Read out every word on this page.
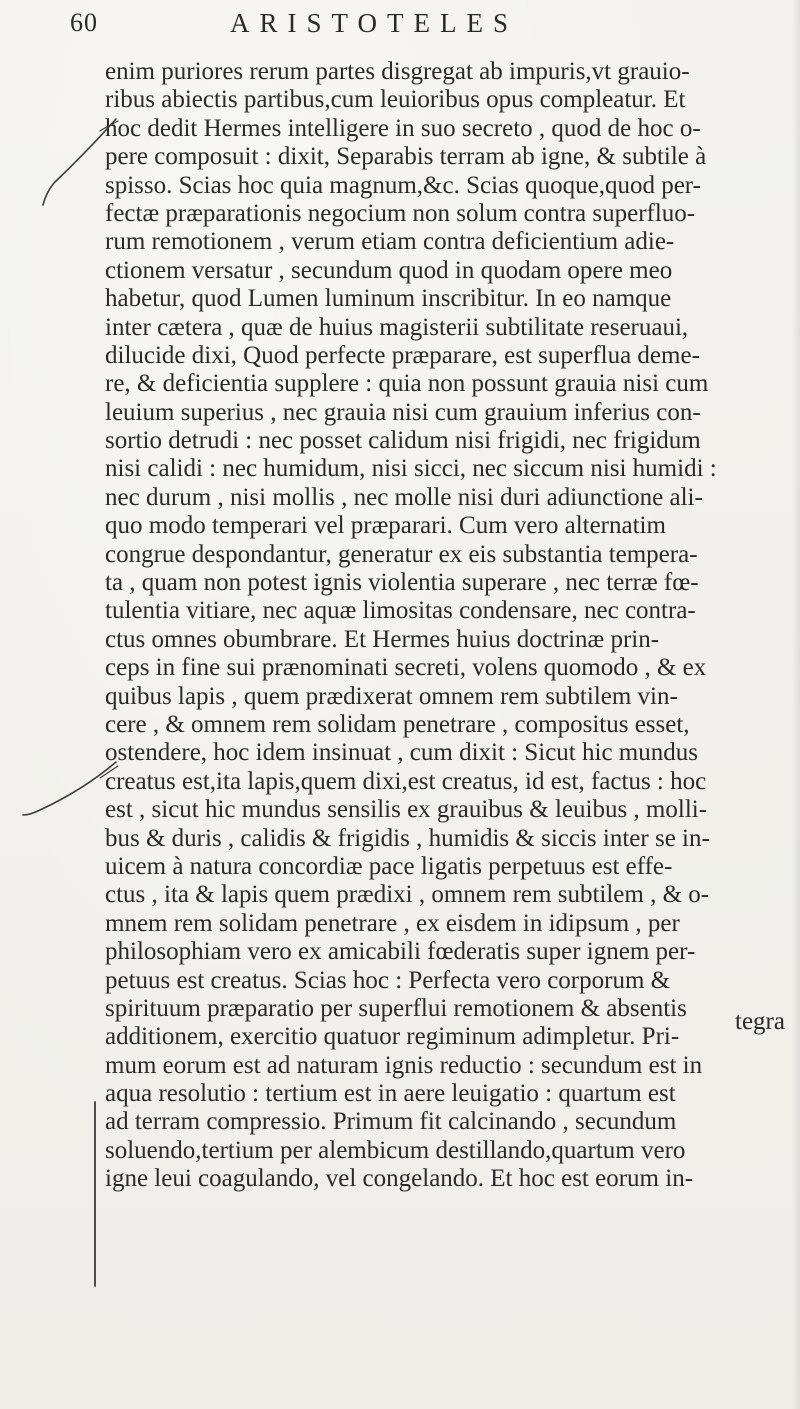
60	ARISTOTELES
enim puriores rerum partes disgregat ab impuris,vt grauio-
ribus abiectis partibus,cum leuioribus opus compleatur. Et
hoc dedit Hermes intelligere in suo secreto , quod de hoc o-
pere composuit : dixit, Separabis terram ab igne, & subtile à
spisso. Scias hoc quia magnum,&c. Scias quoque,quod per-
fectæ præparationis negocium non solum contra superfluo-
rum remotionem , verum etiam contra deficientium adie-
ctionem versatur , secundum quod in quodam opere meo
habetur, quod Lumen luminum inscribitur. In eo namque
inter cætera , quæ de huius magisterii subtilitate reseruaui,
dilucide dixi, Quod perfecte præparare, est superflua deme-
re, & deficientia supplere : quia non possunt grauia nisi cum
leuium superius , nec grauia nisi cum grauium inferius con-
sortio detrudi : nec posset calidum nisi frigidi, nec frigidum
nisi calidi : nec humidum, nisi sicci, nec siccum nisi humidi :
nec durum , nisi mollis , nec molle nisi duri adiunctione ali-
quo modo temperari vel præparari. Cum vero alternatim
congrue despondantur, generatur ex eis substantia tempera-
ta , quam non potest ignis violentia superare , nec terræ fœ-
tulentia vitiare, nec aquæ limositas condensare, nec contra-
ctus omnes obumbrare. Et Hermes huius doctrinæ prin-
ceps in fine sui prænominati secreti, volens quomodo , & ex
quibus lapis , quem prædixerat omnem rem subtilem vin-
cere , & omnem rem solidam penetrare , compositus esset,
ostendere, hoc idem insinuat , cum dixit : Sicut hic mundus
creatus est,ita lapis,quem dixi,est creatus, id est, factus : hoc
est , sicut hic mundus sensilis ex grauibus & leuibus , molli-
bus & duris , calidis & frigidis , humidis & siccis inter se in-
uicem à natura concordiæ pace ligatis perpetuus est effe-
ctus , ita & lapis quem prædixi , omnem rem subtilem , & o-
mnem rem solidam penetrare , ex eisdem in idipsum , per
philosophiam vero ex amicabili fœderatis super ignem per-
petuus est creatus. Scias hoc : Perfecta vero corporum &
spirituum præparatio per superflui remotionem & absentis
additionem, exercitio quatuor regiminum adimpletur. Pri-
mum eorum est ad naturam ignis reductio : secundum est in
aqua resolutio : tertium est in aere leuigatio : quartum est
ad terram compressio. Primum fit calcinando , secundum
soluendo,tertium per alembicum destillando,quartum vero
igne leui coagulando, vel congelando. Et hoc est eorum in-
tegra
